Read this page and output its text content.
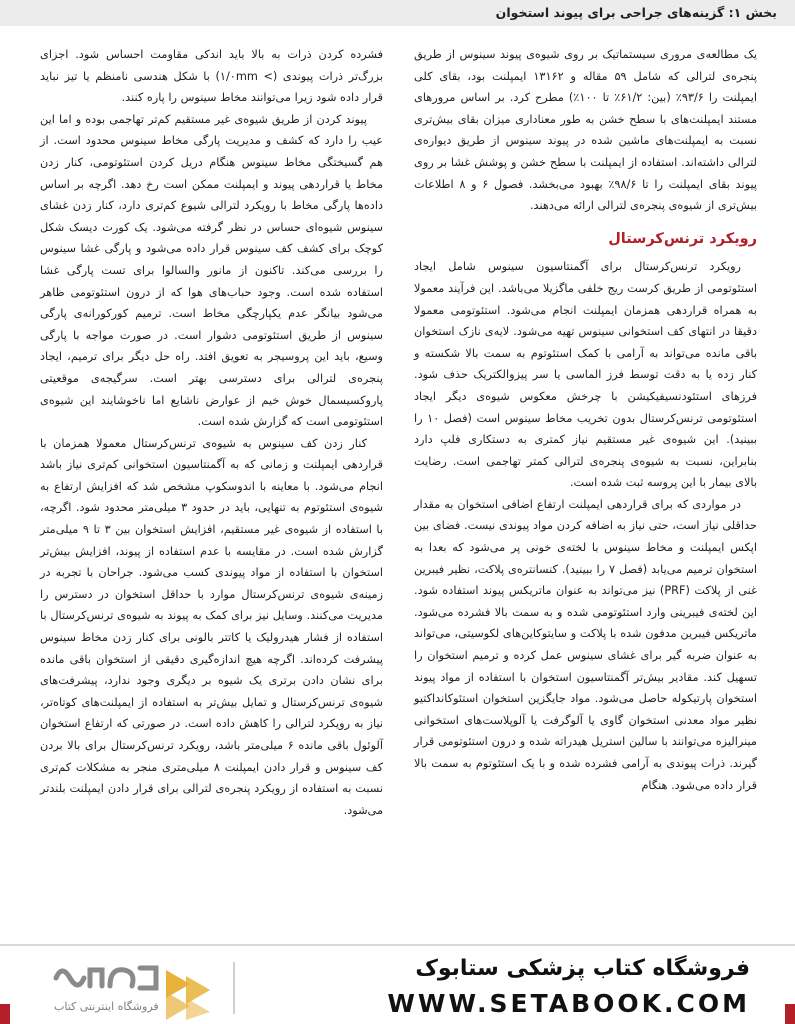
بخش ۱: گزینه‌های جراحی برای پیوند استخوان

یک مطالعه‌ی مروری سیستماتیک بر روی شیوه‌ی پیوند سینوس از طریق پنجره‌ی لترالی که شامل ۵۹ مقاله و ۱۳۱۶۲ ایمپلنت بود، بقای کلی ایمپلنت را ۹۳/۶٪ (بین: ۶۱/۲٪ تا ۱۰۰٪) مطرح کرد. بر اساس مرورهای مستند ایمپلنت‌های با سطح خشن به طور معناداری میزان بقای بیش‌تری نسبت به ایمپلنت‌های ماشین شده در پیوند سینوس از طریق دیواره‌ی لترالی داشته‌اند. استفاده از ایمپلنت با سطح خشن و پوشش غشا بر روی پیوند بقای ایمپلنت را تا ۹۸/۶٪ بهبود می‌بخشد. فصول ۶ و ۸ اطلاعات بیش‌تری از شیوه‌ی پنجره‌ی لترالی ارائه می‌دهند.

رویکرد ترنس‌کرستال

رویکرد ترنس‌کرستال برای آگمنتاسیون سینوس شامل ایجاد استئوتومی از طریق کرست ریج خلفی ماگزیلا می‌باشد. این فرآیند معمولا به همراه قراردهی همزمان ایمپلنت انجام می‌شود. استئوتومی معمولا دقیقا در انتهای کف استخوانی سینوس تهیه می‌شود. لایه‌ی نازک استخوان باقی مانده می‌تواند به آرامی با کمک استئوتوم به سمت بالا شکسته و کنار زده یا به دقت توسط فرز الماسی یا سر پیزوالکتریک حذف شود. فرزهای استئودنسیفیکیشن با چرخش معکوس شیوه‌ی دیگر ایجاد استئوتومی ترنس‌کرستال بدون تخریب مخاط سینوس است (فصل ۱۰ را ببینید). این شیوه‌ی غیر مستقیم نیاز کمتری به دستکاری فلپ دارد بنابراین، نسبت به شیوه‌ی پنجره‌ی لترالی کمتر تهاجمی است. رضایت بالای بیمار با این پروسه ثبت شده است.

در مواردی که برای قراردهی ایمپلنت ارتفاع اضافی استخوان به مقدار حداقلی نیاز است، حتی نیاز به اضافه کردن مواد پیوندی نیست. فضای بین اپکس ایمپلنت و مخاط سینوس با لخته‌ی خونی پر می‌شود که بعدا به استخوان ترمیم می‌یابد (فصل ۷ را ببینید). کنسانتره‌ی پلاکت، نظیر فیبرین غنی از پلاکت (PRF) نیز می‌تواند به عنوان ماتریکس پیوند استفاده شود. این لخته‌ی فیبرینی وارد استئوتومی شده و به سمت بالا فشرده می‌شود. ماتریکس فیبرین مدفون شده با پلاکت و سایتوکاین‌های لکوسیتی، می‌تواند به عنوان ضربه گیر برای غشای سینوس عمل کرده و ترمیم استخوان را تسهیل کند. مقادیر بیش‌تر آگمنتاسیون استخوان با استفاده از مواد پیوند استخوان پارتیکوله حاصل می‌شود. مواد جایگزین استخوان استئوکانداکتیو نظیر مواد معدنی استخوان گاوی یا آلوگرفت یا آلوپلاست‌های استخوانی مینرالیزه می‌توانند با سالین استریل هیدراته شده و درون استئوتومی قرار گیرند. ذرات پیوندی به آرامی فشرده شده و با یک استئوتوم به سمت بالا قرار داده می‌شود. هنگام

فشرده کردن ذرات به بالا باید اندکی مقاومت احساس شود. اجزای بزرگ‌تر ذرات پیوندی (> ۱/۰mm) با شکل هندسی نامنظم یا تیز نباید قرار داده شود زیرا می‌توانند مخاط سینوس را پاره کنند.

پیوند کردن از طریق شیوه‌ی غیر مستقیم کم‌تر تهاجمی بوده و اما این عیب را دارد که کشف و مدیریت پارگی مخاط سینوس محدود است. از هم گسیختگی مخاط سینوس هنگام دریل کردن استئوتومی، کنار زدن مخاط یا قراردهی پیوند و ایمپلنت ممکن است رخ دهد. اگرچه بر اساس داده‌ها پارگی مخاط با رویکرد لترالی شیوع کم‌تری دارد، کنار زدن غشای سینوس شیوه‌ای حساس در نظر گرفته می‌شود. یک کورت دیسک شکل کوچک برای کشف کف سینوس قرار داده می‌شود و پارگی غشا سینوس را بررسی می‌کند. تاکنون از مانور والسالوا برای تست پارگی غشا استفاده شده است. وجود حباب‌های هوا که از درون استئوتومی ظاهر می‌شود بیانگر عدم یکپارچگی مخاط است. ترمیم کورکورانه‌ی پارگی سینوس از طریق استئوتومی دشوار است. در صورت مواجه با پارگی وسیع، باید این پروسیجر به تعویق افتد. راه حل دیگر برای ترمیم، ایجاد پنجره‌ی لترالی برای دسترسی بهتر است. سرگیجه‌ی موقعیتی پاروکسیسمال خوش خیم از عوارض ناشایع اما ناخوشایند این شیوه‌ی استئوتومی است که گزارش شده است.

کنار زدن کف سینوس به شیوه‌ی ترنس‌کرستال معمولا همزمان با قراردهی ایمپلنت و زمانی که به آگمنتاسیون استخوانی کم‌تری نیاز باشد انجام می‌شود. با معاینه با اندوسکوپ مشخص شد که افزایش ارتفاع به شیوه‌ی استئوتوم به تنهایی، باید در حدود ۳ میلی‌متر محدود شود. اگرچه، با استفاده از شیوه‌ی غیر مستقیم، افزایش استخوان بین ۳ تا ۹ میلی‌متر گزارش شده است. در مقایسه با عدم استفاده از پیوند، افزایش بیش‌تر استخوان با استفاده از مواد پیوندی کسب می‌شود. جراحان با تجربه در زمینه‌ی شیوه‌ی ترنس‌کرستال موارد با حداقل استخوان در دسترس را مدیریت می‌کنند. وسایل نیز برای کمک به پیوند به شیوه‌ی ترنس‌کرستال با استفاده از فشار هیدرولیک یا کاتتر بالونی برای کنار زدن مخاط سینوس پیشرفت کرده‌اند. اگرچه هیچ اندازه‌گیری دقیقی از استخوان باقی مانده برای نشان دادن برتری یک شیوه بر دیگری وجود ندارد، پیشرفت‌های شیوه‌ی ترنس‌کرستال و تمایل بیش‌تر به استفاده از ایمپلنت‌های کوتاه‌تر، نیاز به رویکرد لترالی را کاهش داده است. در صورتی که ارتفاع استخوان آلوئول باقی مانده ۶ میلی‌متر باشد، رویکرد ترنس‌کرستال برای بالا بردن کف سینوس و قرار دادن ایمپلنت ۸ میلی‌متری منجر به مشکلات کم‌تری نسبت به استفاده از رویکرد پنجره‌ی لترالی برای قرار دادن ایمپلنت بلندتر می‌شود.

فروشگاه کتاب پزشکی ستابوک
WWW.SETABOOK.COM
فروشگاه اینترنتی کتاب
